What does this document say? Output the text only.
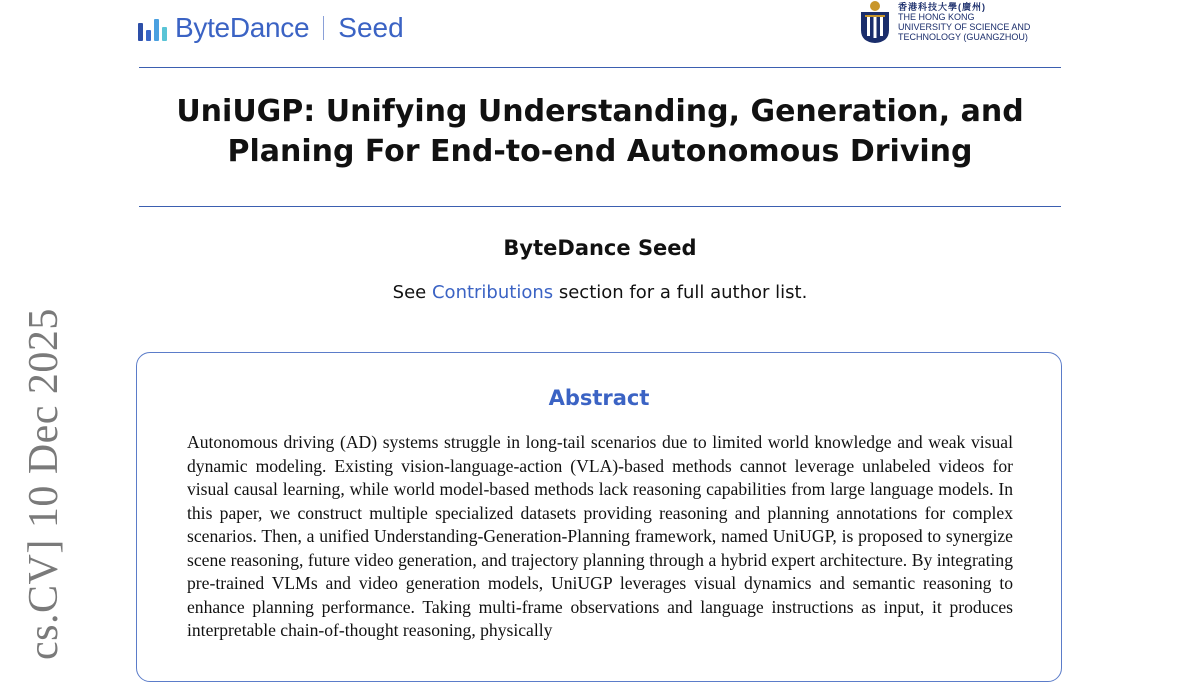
cs.CV] 10 Dec 2025
ByteDance Seed
香港科技大學(廣州)
THE HONG KONG
UNIVERSITY OF SCIENCE AND
TECHNOLOGY (GUANGZHOU)
UniUGP: Unifying Understanding, Generation, and
Planing For End-to-end Autonomous Driving
ByteDance Seed
See Contributions section for a full author list.
Abstract
Autonomous driving (AD) systems struggle in long-tail scenarios due to limited world knowledge and weak visual dynamic modeling. Existing vision-language-action (VLA)-based methods cannot leverage unlabeled videos for visual causal learning, while world model-based methods lack reasoning capabilities from large language models. In this paper, we construct multiple specialized datasets providing reasoning and planning annotations for complex scenarios. Then, a unified Understanding-Generation-Planning framework, named UniUGP, is proposed to synergize scene reasoning, future video generation, and trajectory planning through a hybrid expert architecture. By integrating pre-trained VLMs and video generation models, UniUGP leverages visual dynamics and semantic reasoning to enhance planning performance. Taking multi-frame observations and language instructions as input, it produces interpretable chain-of-thought reasoning, physically
